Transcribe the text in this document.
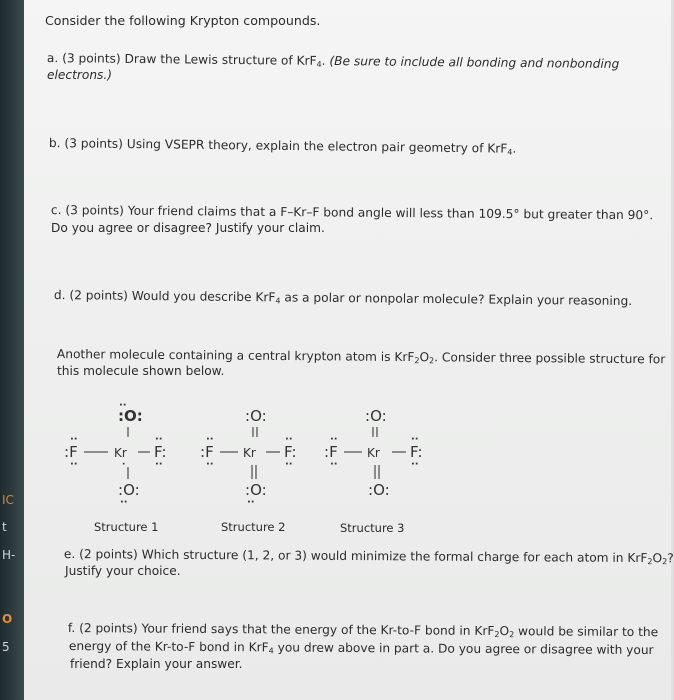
IC
t
H-
O
5
Consider the following Krypton compounds.
a. (3 points) Draw the Lewis structure of KrF$_4$. (Be sure to include all bonding and nonbonding
electrons.)
b. (3 points) Using VSEPR theory, explain the electron pair geometry of KrF$_4$.
c. (3 points) Your friend claims that a F–Kr–F bond angle will less than 109.5° but greater than 90°.
Do you agree or disagree? Justify your claim.
d. (2 points) Would you describe KrF$_4$ as a polar or nonpolar molecule? Explain your reasoning.
Another molecule containing a central krypton atom is $KrF_2O_2$. Consider three possible structure for
this molecule shown below.
:O:
··
:F
··
··
Kr
·
F:
··
··
:O:
··
:O:
:F
··
··
Kr F:
··
··
:O:
··
:O:
:F
··
··
Kr F:
··
··
:O:
Structure 1	Structure 2	Structure 3
e. (2 points) Which structure (1, 2, or 3) would minimize the formal charge for each atom in $KrF_2O_2$?
Justify your choice.
f. (2 points) Your friend says that the energy of the Kr-to-F bond in $KrF_2O_2$ would be similar to the
energy of the Kr-to-F bond in KrF$_4$ you drew above in part a. Do you agree or disagree with your
friend? Explain your answer.
